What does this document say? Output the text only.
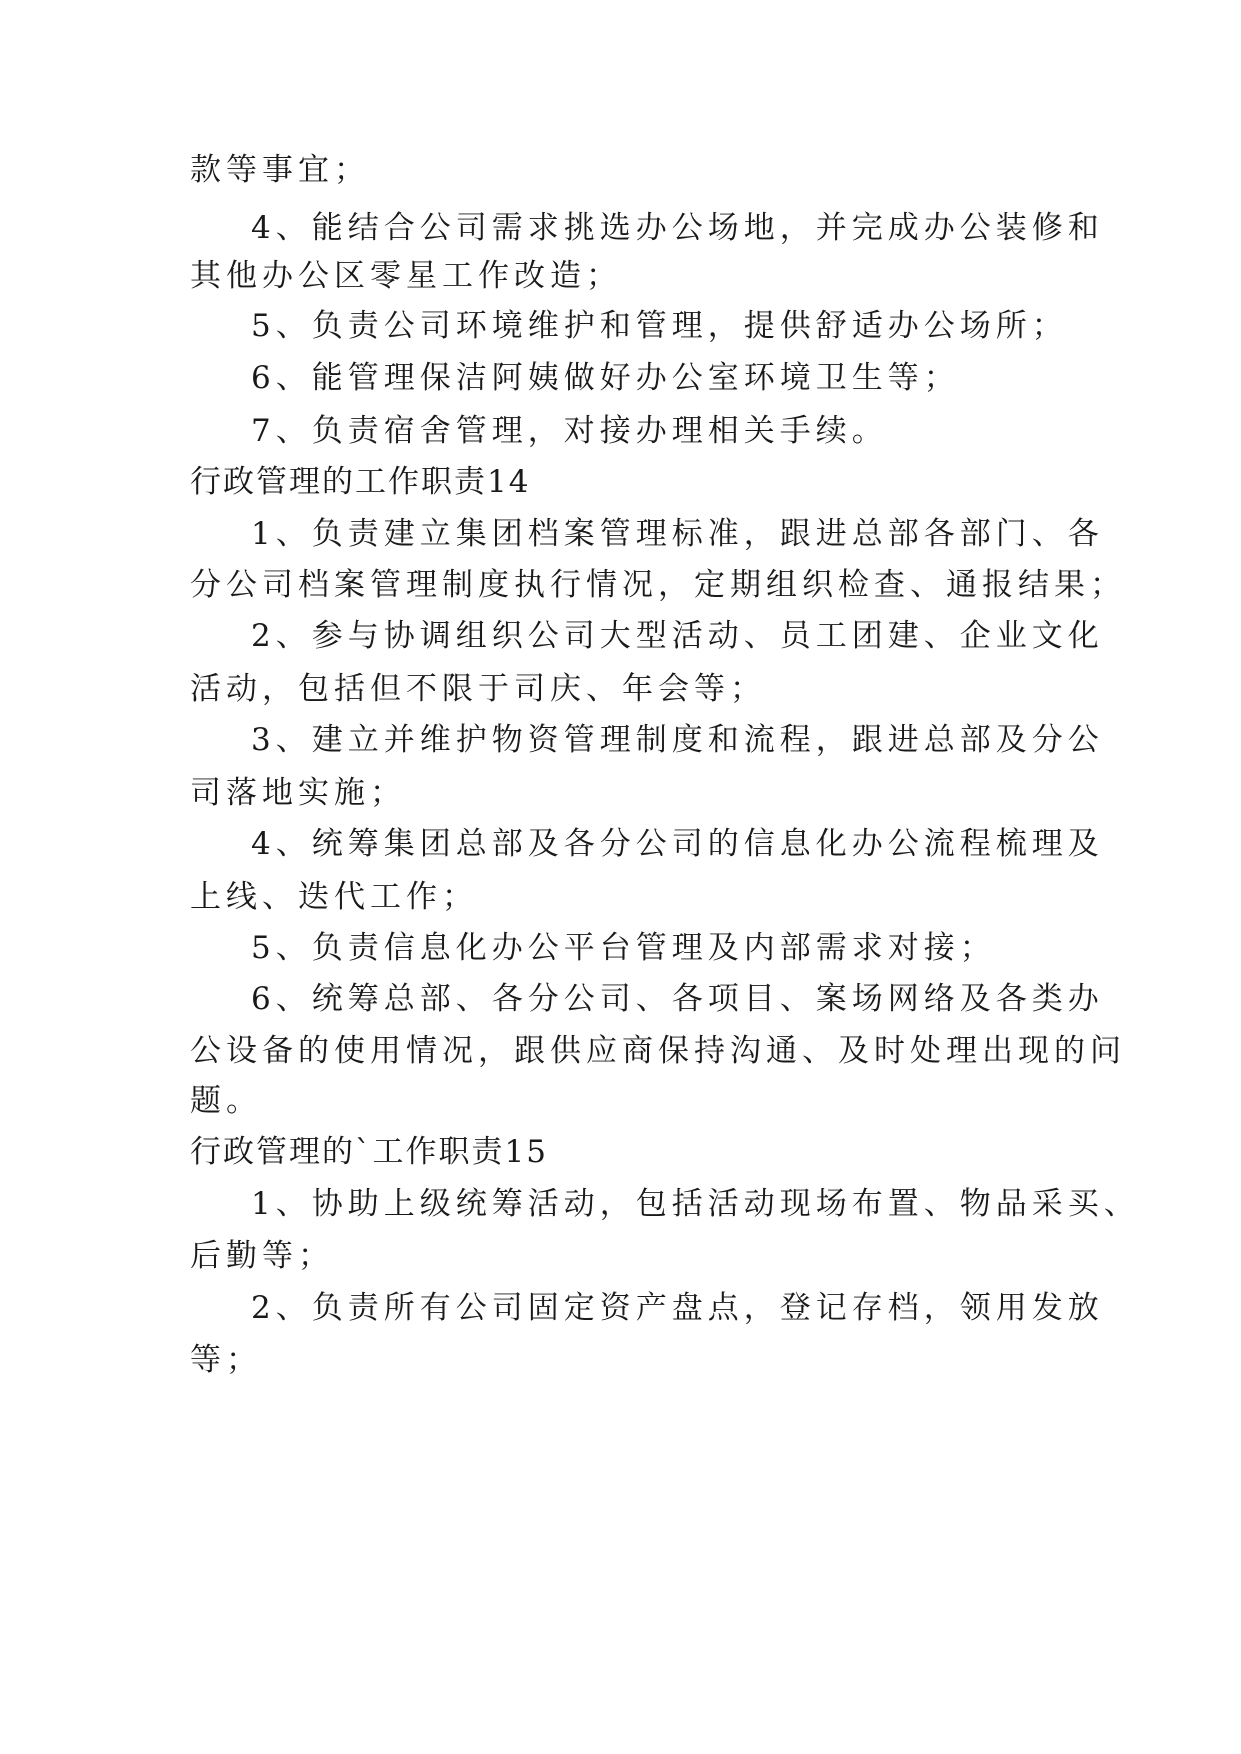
款等事宜；
4、能结合公司需求挑选办公场地，并完成办公装修和
其他办公区零星工作改造；
5、负责公司环境维护和管理，提供舒适办公场所；
6、能管理保洁阿姨做好办公室环境卫生等；
7、负责宿舍管理，对接办理相关手续。
行政管理的工作职责14
1、负责建立集团档案管理标准，跟进总部各部门、各
分公司档案管理制度执行情况，定期组织检查、通报结果；
2、参与协调组织公司大型活动、员工团建、企业文化
活动，包括但不限于司庆、年会等；
3、建立并维护物资管理制度和流程，跟进总部及分公
司落地实施；
4、统筹集团总部及各分公司的信息化办公流程梳理及
上线、迭代工作；
5、负责信息化办公平台管理及内部需求对接；
6、统筹总部、各分公司、各项目、案场网络及各类办
公设备的使用情况，跟供应商保持沟通、及时处理出现的问
题。
行政管理的`工作职责15
1、协助上级统筹活动，包括活动现场布置、物品采买、
后勤等；
2、负责所有公司固定资产盘点，登记存档，领用发放
等；
